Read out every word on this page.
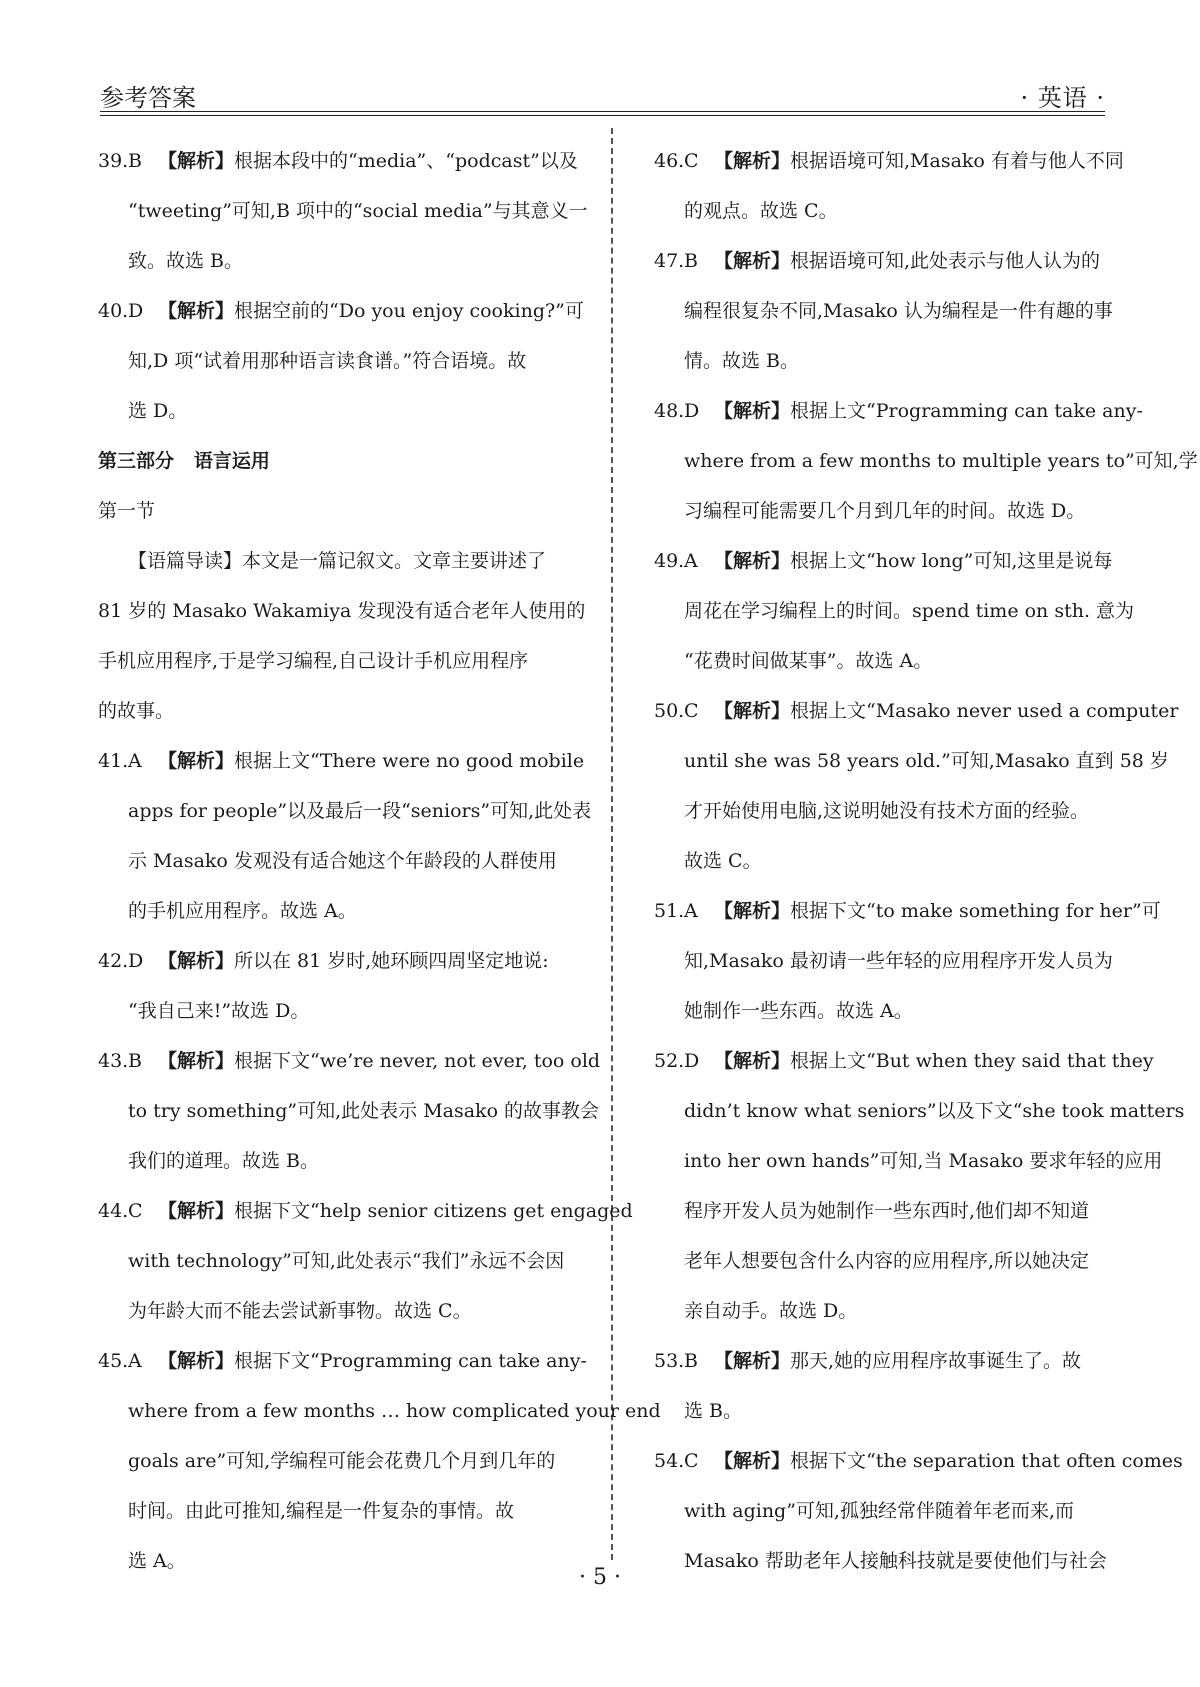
参考答案	· 英语 ·
39.B 【解析】根据本段中的“media”、“podcast”以及
“tweeting”可知,B 项中的“social media”与其意义一
致。故选 B。
40.D 【解析】根据空前的“Do you enjoy cooking?”可
知,D 项“试着用那种语言读食谱。”符合语境。故
选 D。
第三部分 语言运用
第一节
【语篇导读】本文是一篇记叙文。文章主要讲述了
81 岁的 Masako Wakamiya 发现没有适合老年人使用的
手机应用程序,于是学习编程,自己设计手机应用程序
的故事。
41.A 【解析】根据上文“There were no good mobile
apps for people”以及最后一段“seniors”可知,此处表
示 Masako 发观没有适合她这个年龄段的人群使用
的手机应用程序。故选 A。
42.D 【解析】所以在 81 岁时,她环顾四周坚定地说:
“我自己来!”故选 D。
43.B 【解析】根据下文“we’re never, not ever, too old
to try something”可知,此处表示 Masako 的故事教会
我们的道理。故选 B。
44.C 【解析】根据下文“help senior citizens get engaged
with technology”可知,此处表示“我们”永远不会因
为年龄大而不能去尝试新事物。故选 C。
45.A 【解析】根据下文“Programming can take any-
where from a few months … how complicated your end
goals are”可知,学编程可能会花费几个月到几年的
时间。由此可推知,编程是一件复杂的事情。故
选 A。
46.C 【解析】根据语境可知,Masako 有着与他人不同
的观点。故选 C。
47.B 【解析】根据语境可知,此处表示与他人认为的
编程很复杂不同,Masako 认为编程是一件有趣的事
情。故选 B。
48.D 【解析】根据上文“Programming can take any-
where from a few months to multiple years to”可知,学
习编程可能需要几个月到几年的时间。故选 D。
49.A 【解析】根据上文“how long”可知,这里是说每
周花在学习编程上的时间。spend time on sth. 意为
“花费时间做某事”。故选 A。
50.C 【解析】根据上文“Masako never used a computer
until she was 58 years old.”可知,Masako 直到 58 岁
才开始使用电脑,这说明她没有技术方面的经验。
故选 C。
51.A 【解析】根据下文“to make something for her”可
知,Masako 最初请一些年轻的应用程序开发人员为
她制作一些东西。故选 A。
52.D 【解析】根据上文“But when they said that they
didn’t know what seniors”以及下文“she took matters
into her own hands”可知,当 Masako 要求年轻的应用
程序开发人员为她制作一些东西时,他们却不知道
老年人想要包含什么内容的应用程序,所以她决定
亲自动手。故选 D。
53.B 【解析】那天,她的应用程序故事诞生了。故
选 B。
54.C 【解析】根据下文“the separation that often comes
with aging”可知,孤独经常伴随着年老而来,而
Masako 帮助老年人接触科技就是要使他们与社会
· 5 ·
